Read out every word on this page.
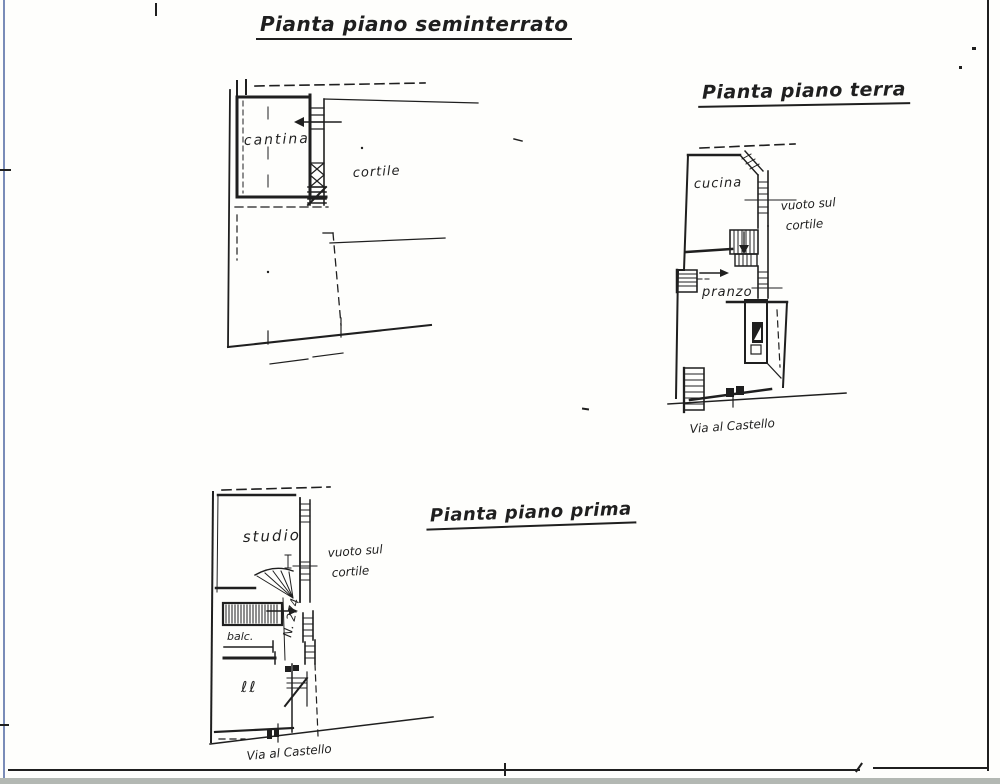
Pianta piano seminterrato
Pianta piano terra
Pianta piano prima
cantina
cortile
cucina
vuoto sul
cortile
pranzo
Via al Castello
studio
vuoto sul
cortile
balc. N. 274
ℓℓ
Via al Castello
